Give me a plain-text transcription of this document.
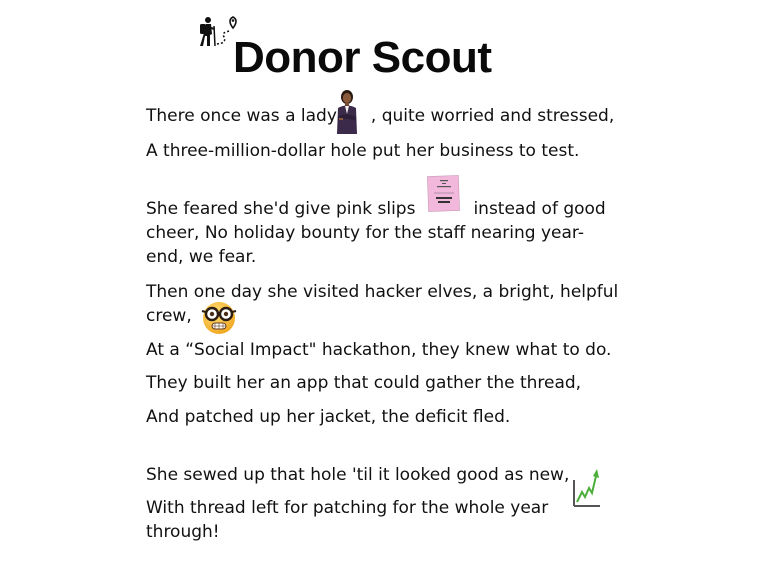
Donor Scout
There once was a lady , quite worried and stressed,
A three-million-dollar hole put her business to test.
She feared she'd give pink slips	instead of good
cheer, No holiday bounty for the staff nearing year-
end, we fear.
Then one day she visited hacker elves, a bright, helpful
crew,
At a “Social Impact" hackathon, they knew what to do.
They built her an app that could gather the thread,
And patched up her jacket, the deficit fled.
She sewed up that hole 'til it looked good as new,
With thread left for patching for the whole year
through!
